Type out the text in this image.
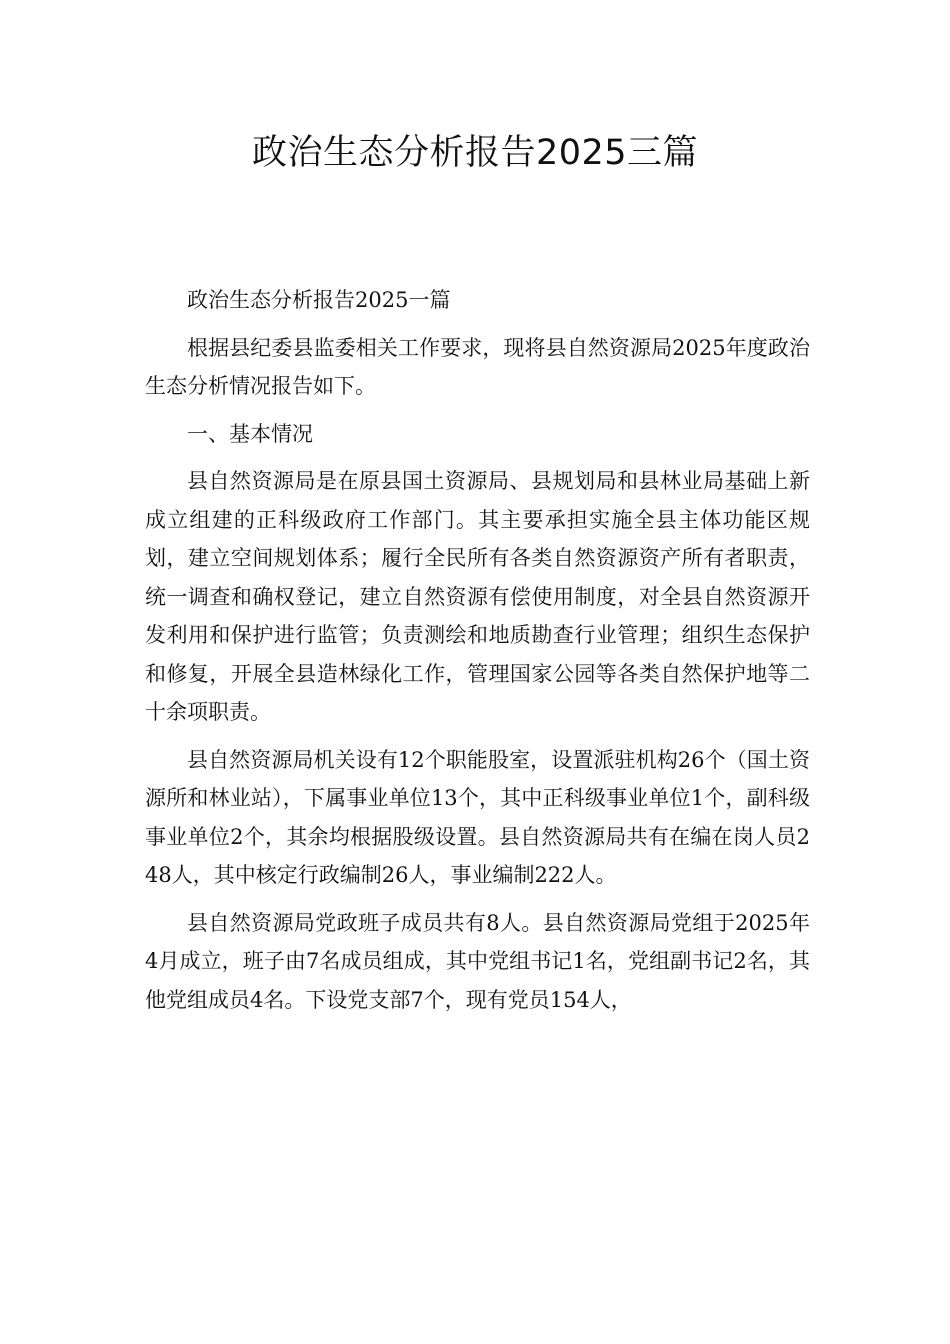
政治生态分析报告2025三篇

政治生态分析报告2025一篇

根据县纪委县监委相关工作要求，现将县自然资源局2025年度政治生态分析情况报告如下。

一、基本情况

县自然资源局是在原县国土资源局、县规划局和县林业局基础上新成立组建的正科级政府工作部门。其主要承担实施全县主体功能区规划，建立空间规划体系；履行全民所有各类自然资源资产所有者职责，统一调查和确权登记，建立自然资源有偿使用制度，对全县自然资源开发利用和保护进行监管；负责测绘和地质勘查行业管理；组织生态保护和修复，开展全县造林绿化工作，管理国家公园等各类自然保护地等二十余项职责。

县自然资源局机关设有12个职能股室，设置派驻机构26个（国土资源所和林业站），下属事业单位13个，其中正科级事业单位1个，副科级事业单位2个，其余均根据股级设置。县自然资源局共有在编在岗人员248人，其中核定行政编制26人，事业编制222人。

县自然资源局党政班子成员共有8人。县自然资源局党组于2025年4月成立，班子由7名成员组成，其中党组书记1名，党组副书记2名，其他党组成员4名。下设党支部7个，现有党员154人，
